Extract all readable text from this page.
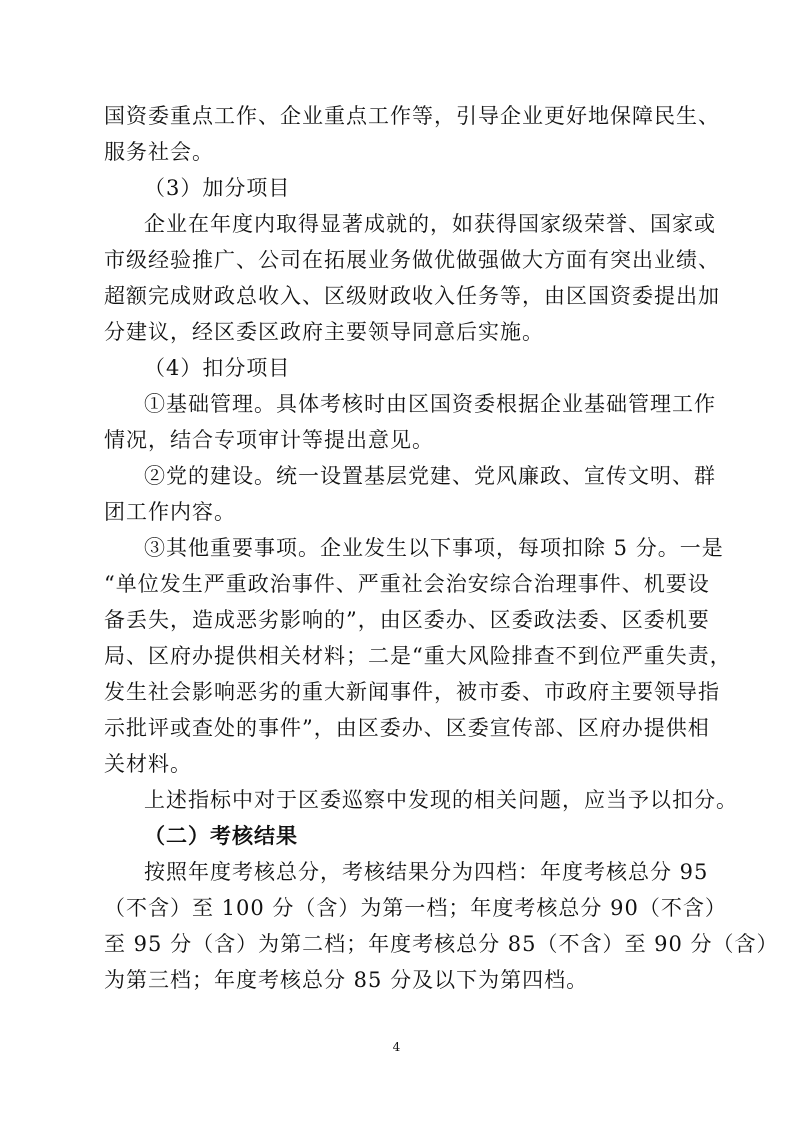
国资委重点工作、企业重点工作等，引导企业更好地保障民生、
服务社会。
（3）加分项目
企业在年度内取得显著成就的，如获得国家级荣誉、国家或
市级经验推广、公司在拓展业务做优做强做大方面有突出业绩、
超额完成财政总收入、区级财政收入任务等，由区国资委提出加
分建议，经区委区政府主要领导同意后实施。
（4）扣分项目
①基础管理。具体考核时由区国资委根据企业基础管理工作
情况，结合专项审计等提出意见。
②党的建设。统一设置基层党建、党风廉政、宣传文明、群
团工作内容。
③其他重要事项。企业发生以下事项，每项扣除 5 分。一是
“单位发生严重政治事件、严重社会治安综合治理事件、机要设
备丢失，造成恶劣影响的”，由区委办、区委政法委、区委机要
局、区府办提供相关材料；二是“重大风险排查不到位严重失责，
发生社会影响恶劣的重大新闻事件，被市委、市政府主要领导指
示批评或查处的事件”，由区委办、区委宣传部、区府办提供相
关材料。
上述指标中对于区委巡察中发现的相关问题，应当予以扣分。
（二）考核结果
按照年度考核总分，考核结果分为四档：年度考核总分 95
（不含）至 100 分（含）为第一档；年度考核总分 90（不含）
至 95 分（含）为第二档；年度考核总分 85（不含）至 90 分（含）
为第三档；年度考核总分 85 分及以下为第四档。
4
